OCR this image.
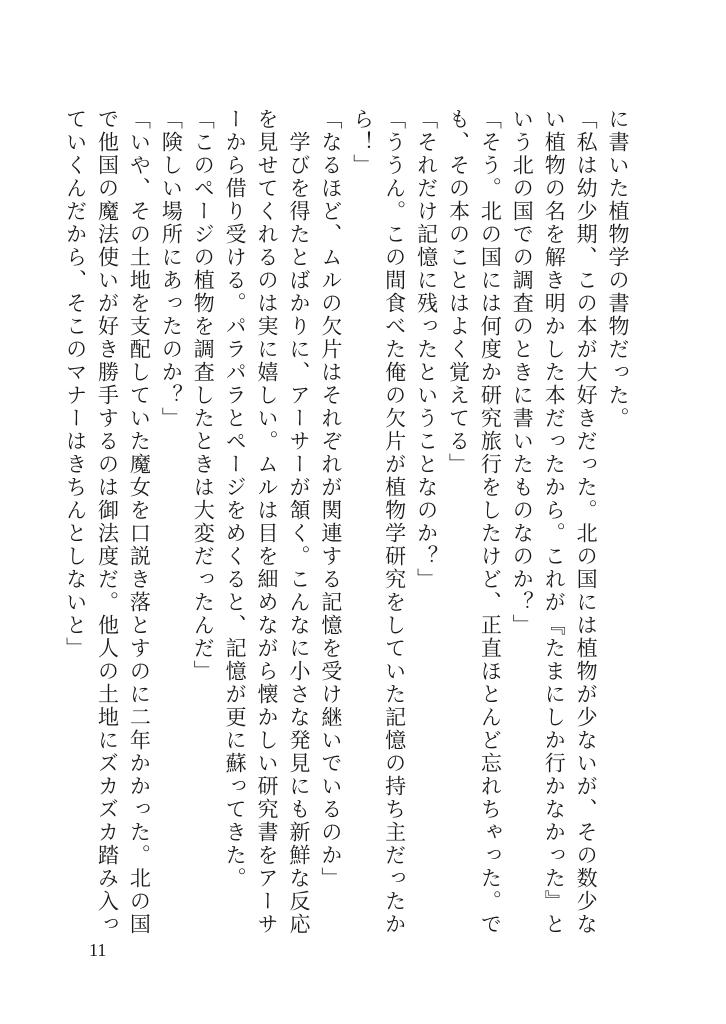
に書いた植物学の書物だった。
「私は幼少期、この本が大好きだった。北の国には植物が少ないが、その数少な
い植物の名を解き明かした本だったから。これが『たまにしか行かなかった』と
いう北の国での調査のときに書いたものなのか？」
「そう。北の国には何度か研究旅行をしたけど、正直ほとんど忘れちゃった。で
も、その本のことはよく覚えてる」
「それだけ記憶に残ったということなのか？」
「ううん。この間食べた俺の欠片が植物学研究をしていた記憶の持ち主だったか
ら！」
「なるほど、ムルの欠片はそれぞれが関連する記憶を受け継いでいるのか」
　学びを得たとばかりに、アーサーが頷く。こんなに小さな発見にも新鮮な反応
を見せてくれるのは実に嬉しい。ムルは目を細めながら懐かしい研究書をアーサ
ーから借り受ける。パラパラとページをめくると、記憶が更に蘇ってきた。
「このページの植物を調査したときは大変だったんだ」
「険しい場所にあったのか？」
「いや、その土地を支配していた魔女を口説き落とすのに二年かかった。北の国
で他国の魔法使いが好き勝手するのは御法度だ。他人の土地にズカズカ踏み入っ
ていくんだから、そこのマナーはきちんとしないと」
11
